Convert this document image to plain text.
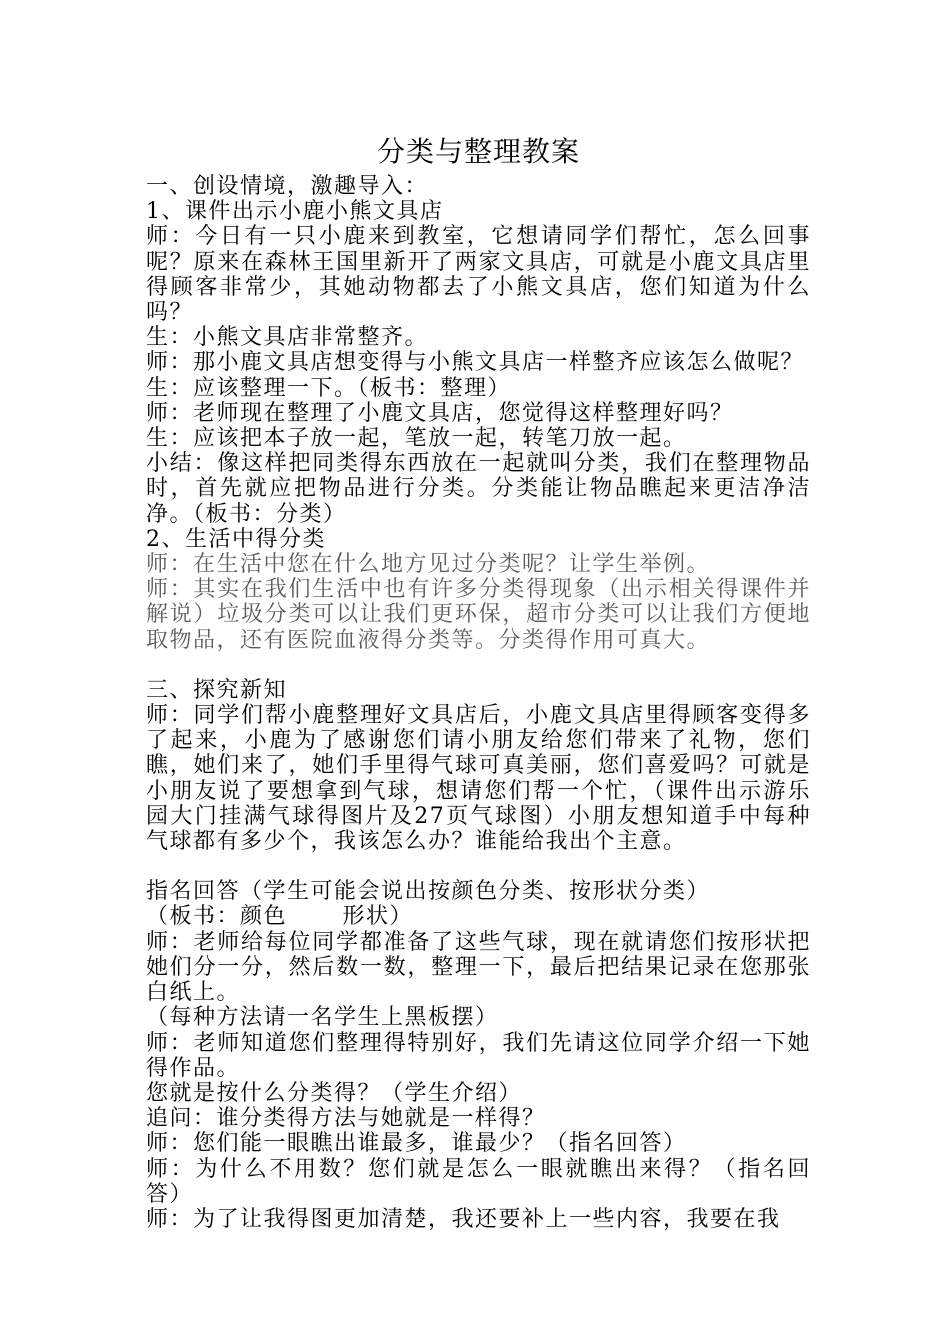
分类与整理教案
一、创设情境，激趣导入：
1、课件出示小鹿小熊文具店
师：今日有一只小鹿来到教室，它想请同学们帮忙，怎么回事呢？原来在森林王国里新开了两家文具店，可就是小鹿文具店里得顾客非常少，其她动物都去了小熊文具店，您们知道为什么吗？
生：小熊文具店非常整齐。
师：那小鹿文具店想变得与小熊文具店一样整齐应该怎么做呢？
生：应该整理一下。（板书：整理）
师：老师现在整理了小鹿文具店，您觉得这样整理好吗？
生：应该把本子放一起，笔放一起，转笔刀放一起。
小结：像这样把同类得东西放在一起就叫分类，我们在整理物品时，首先就应把物品进行分类。分类能让物品瞧起来更洁净洁净。（板书：分类）
2、生活中得分类
师：在生活中您在什么地方见过分类呢？让学生举例。
师：其实在我们生活中也有许多分类得现象（出示相关得课件并解说）垃圾分类可以让我们更环保，超市分类可以让我们方便地取物品，还有医院血液得分类等。分类得作用可真大。
三、探究新知
师：同学们帮小鹿整理好文具店后，小鹿文具店里得顾客变得多了起来，小鹿为了感谢您们请小朋友给您们带来了礼物，您们瞧，她们来了，她们手里得气球可真美丽，您们喜爱吗？可就是小朋友说了要想拿到气球，想请您们帮一个忙，（课件出示游乐园大门挂满气球得图片及27页气球图）小朋友想知道手中每种气球都有多少个，我该怎么办？谁能给我出个主意。
指名回答（学生可能会说出按颜色分类、按形状分类）
（板书：颜色　　 形状）
师：老师给每位同学都准备了这些气球，现在就请您们按形状把她们分一分，然后数一数，整理一下，最后把结果记录在您那张白纸上。
（每种方法请一名学生上黑板摆）
师：老师知道您们整理得特别好，我们先请这位同学介绍一下她得作品。
您就是按什么分类得？（学生介绍）
追问：谁分类得方法与她就是一样得？
师：您们能一眼瞧出谁最多，谁最少？（指名回答）
师：为什么不用数？您们就是怎么一眼就瞧出来得？（指名回答）
师：为了让我得图更加清楚，我还要补上一些内容，我要在我
